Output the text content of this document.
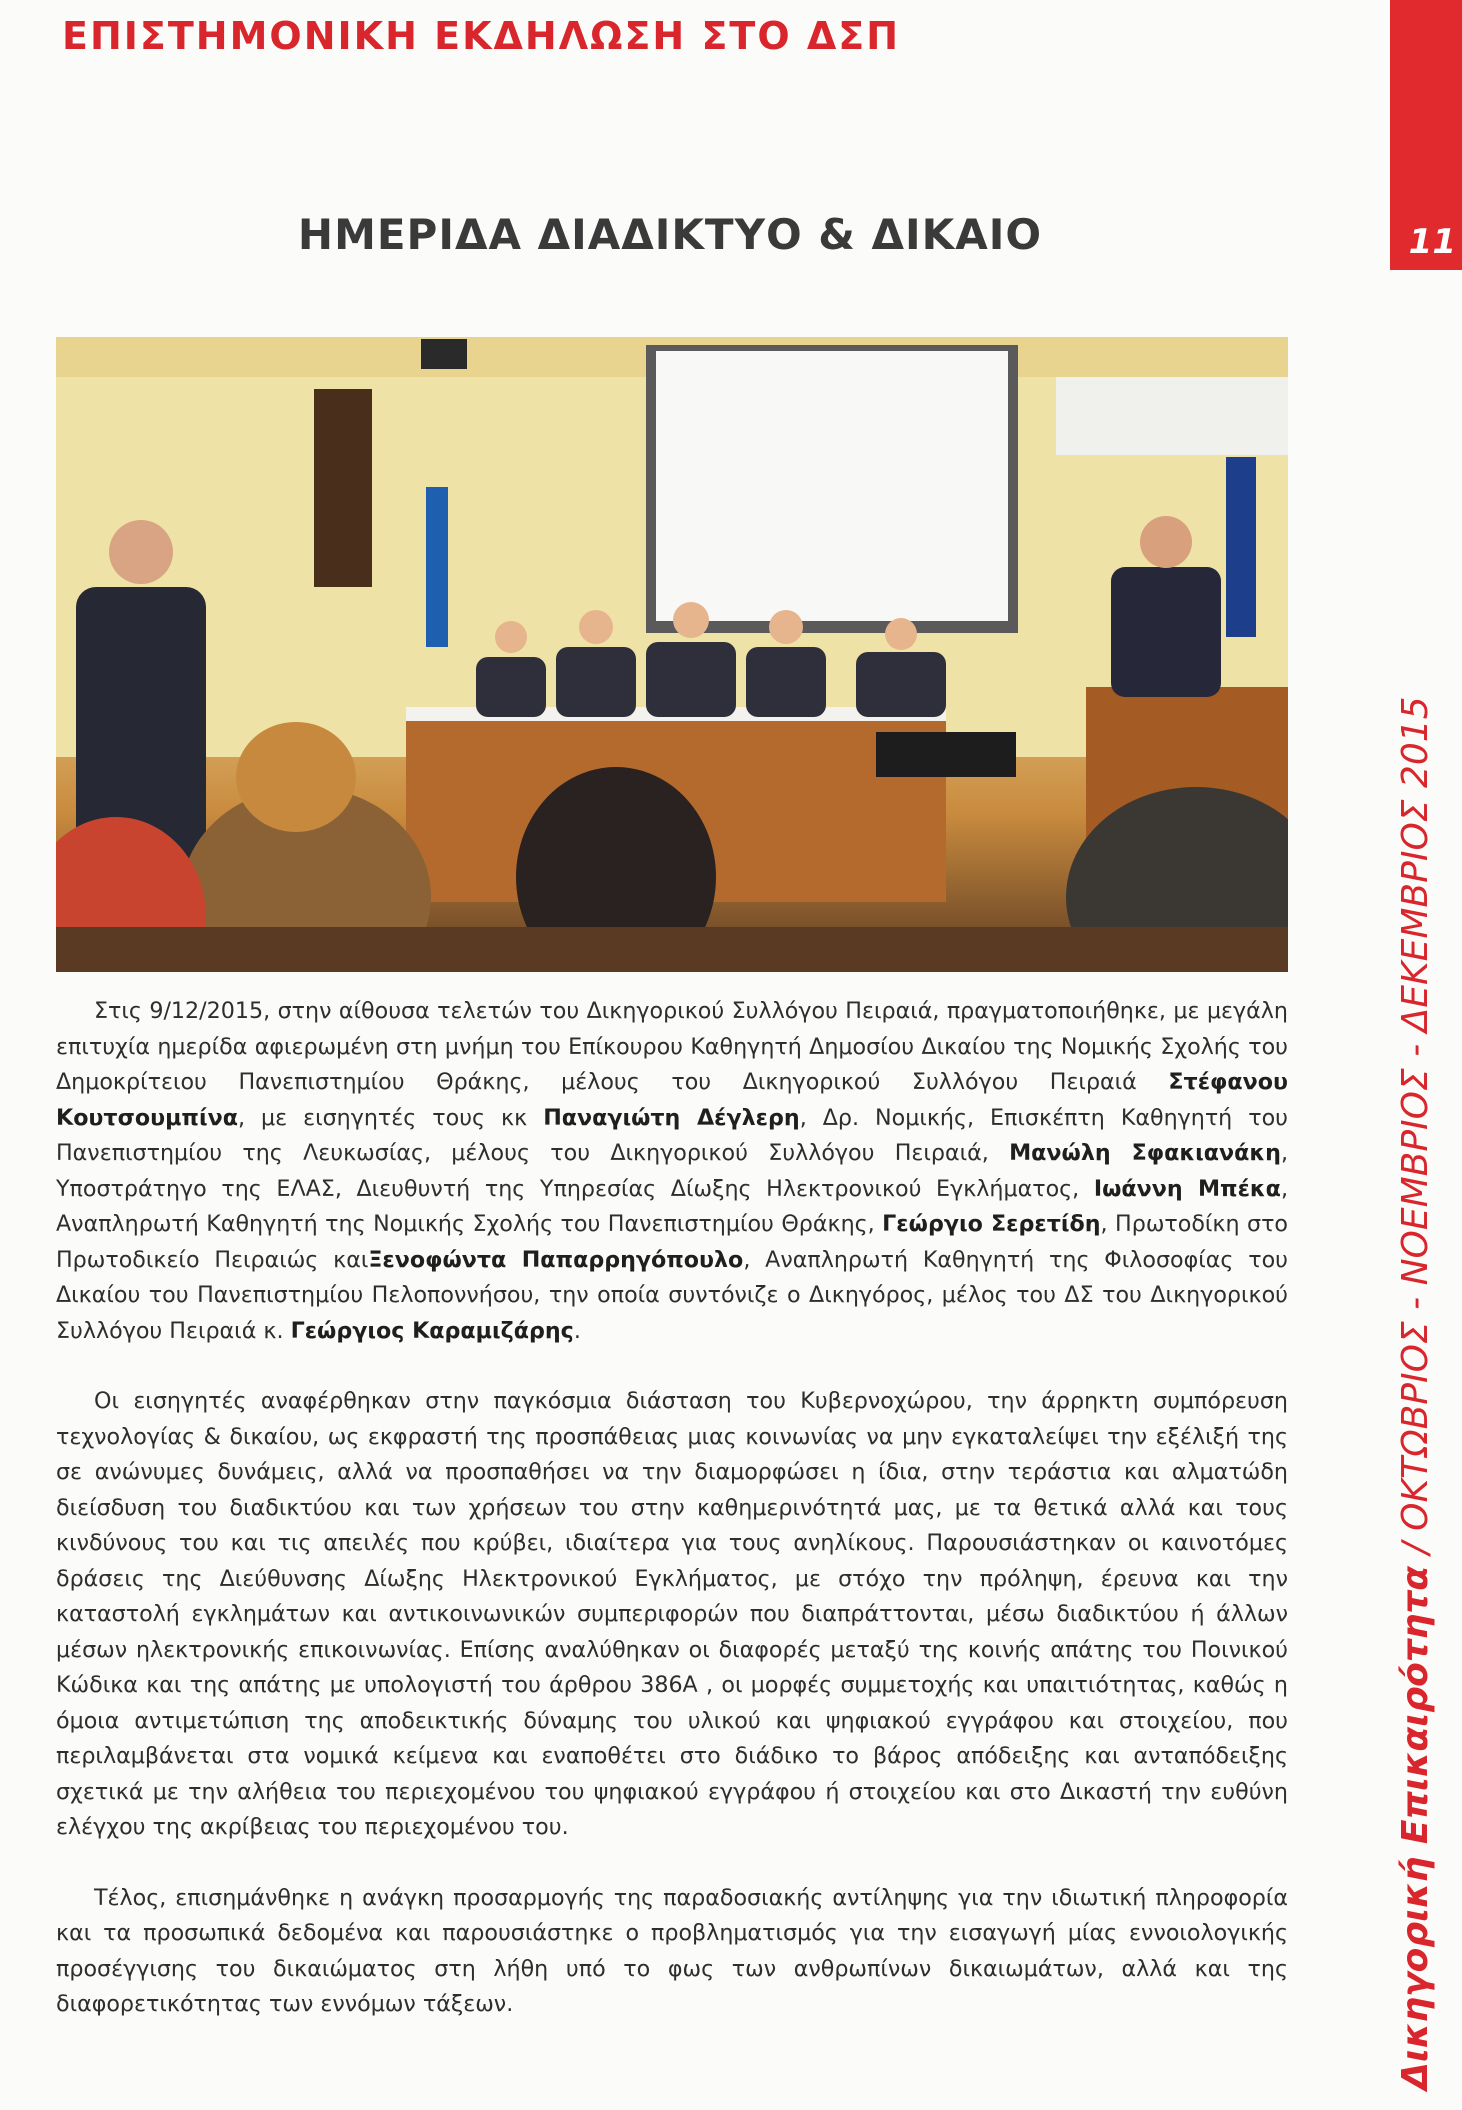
ΕΠΙΣΤΗΜΟΝΙΚΗ ΕΚΔΗΛΩΣΗ ΣΤΟ ΔΣΠ
11
Δικηγορική Επικαιρότητα / ΟΚΤΩΒΡΙΟΣ - ΝΟΕΜΒΡΙΟΣ - ΔΕΚΕΜΒΡΙΟΣ 2015
ΗΜΕΡΙΔΑ ΔΙΑΔΙΚΤΥΟ & ΔΙΚΑΙΟ

Στις 9/12/2015, στην αίθουσα τελετών του Δικηγορικού Συλλόγου Πειραιά, πραγματοποιήθηκε, με μεγάλη επιτυχία ημερίδα αφιερωμένη στη μνήμη του Επίκουρου Καθηγητή Δημοσίου Δικαίου της Νομικής Σχολής του Δημοκρίτειου Πανεπιστημίου Θράκης, μέλους του Δικηγορικού Συλλόγου Πειραιά Στέφανου Κουτσουμπίνα, με εισηγητές τους κκ Παναγιώτη Δέγλερη, Δρ. Νομικής, Επισκέπτη Καθηγητή του Πανεπιστημίου της Λευκωσίας, μέλους του Δικηγορικού Συλλόγου Πειραιά, Μανώλη Σφακιανάκη, Υποστράτηγο της ΕΛΑΣ, Διευθυντή της Υπηρεσίας Δίωξης Ηλεκτρονικού Εγκλήματος, Ιωάννη Μπέκα, Αναπληρωτή Καθηγητή της Νομικής Σχολής του Πανεπιστημίου Θράκης, Γεώργιο Σερετίδη, Πρωτοδίκη στο Πρωτοδικείο Πειραιώς καιΞενοφώντα Παπαρρηγόπουλο, Αναπληρωτή Καθηγητή της Φιλοσοφίας του Δικαίου του Πανεπιστημίου Πελοποννήσου, την οποία συντόνιζε ο Δικηγόρος, μέλος του ΔΣ του Δικηγορικού Συλλόγου Πειραιά κ. Γεώργιος Καραμιζάρης.

Οι εισηγητές αναφέρθηκαν στην παγκόσμια διάσταση του Κυβερνοχώρου, την άρρηκτη συμπόρευση τεχνολογίας & δικαίου, ως εκφραστή της προσπάθειας μιας κοινωνίας να μην εγκαταλείψει την εξέλιξή της σε ανώνυμες δυνάμεις, αλλά να προσπαθήσει να την διαμορφώσει η ίδια, στην τεράστια και αλματώδη διείσδυση του διαδικτύου και των χρήσεων του στην καθημερινότητά μας, με τα θετικά αλλά και τους κινδύνους του και τις απειλές που κρύβει, ιδιαίτερα για τους ανηλίκους. Παρουσιάστηκαν οι καινοτόμες δράσεις της Διεύθυνσης Δίωξης Ηλεκτρονικού Εγκλήματος, με στόχο την πρόληψη, έρευνα και την καταστολή εγκλημάτων και αντικοινωνικών συμπεριφορών που διαπράττονται, μέσω διαδικτύου ή άλλων μέσων ηλεκτρονικής επικοινωνίας. Επίσης αναλύθηκαν οι διαφορές μεταξύ της κοινής απάτης του Ποινικού Κώδικα και της απάτης με υπολογιστή του άρθρου 386Α , οι μορφές συμμετοχής και υπαιτιότητας, καθώς η όμοια αντιμετώπιση της αποδεικτικής δύναμης του υλικού και ψηφιακού εγγράφου και στοιχείου, που περιλαμβάνεται στα νομικά κείμενα και εναποθέτει στο διάδικο το βάρος απόδειξης και ανταπόδειξης σχετικά με την αλήθεια του περιεχομένου του ψηφιακού εγγράφου ή στοιχείου και στο Δικαστή την ευθύνη ελέγχου της ακρίβειας του περιεχομένου του.

Τέλος, επισημάνθηκε η ανάγκη προσαρμογής της παραδοσιακής αντίληψης για την ιδιωτική πληροφορία και τα προσωπικά δεδομένα και παρουσιάστηκε ο προβληματισμός για την εισαγωγή μίας εννοιολογικής προσέγγισης του δικαιώματος στη λήθη υπό το φως των ανθρωπίνων δικαιωμάτων, αλλά και της διαφορετικότητας των εννόμων τάξεων.
